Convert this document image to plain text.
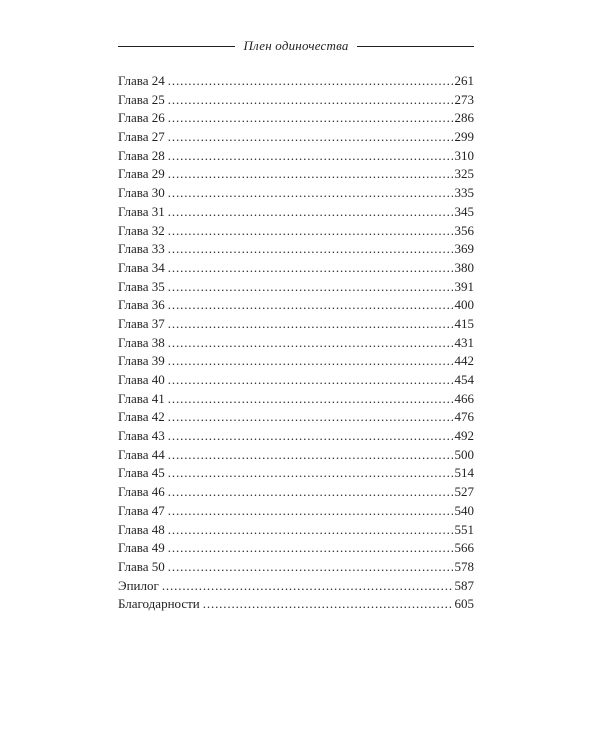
Плен одиночества
Глава 24 . . .	261
Глава 25 . . .	273
Глава 26 . . .	286
Глава 27 . . .	299
Глава 28 . . .	310
Глава 29 . . .	325
Глава 30 . . .	335
Глава 31 . . .	345
Глава 32 . . .	356
Глава 33 . . .	369
Глава 34 . . .	380
Глава 35 . . .	391
Глава 36 . . .	400
Глава 37 . . .	415
Глава 38 . . .	431
Глава 39 . . .	442
Глава 40 . . .	454
Глава 41 . . .	466
Глава 42 . . .	476
Глава 43 . . .	492
Глава 44 . . .	500
Глава 45 . . .	514
Глава 46 . . .	527
Глава 47 . . .	540
Глава 48 . . .	551
Глава 49 . . .	566
Глава 50 . . .	578
Эпилог . . .	587
Благодарности . . .	605
